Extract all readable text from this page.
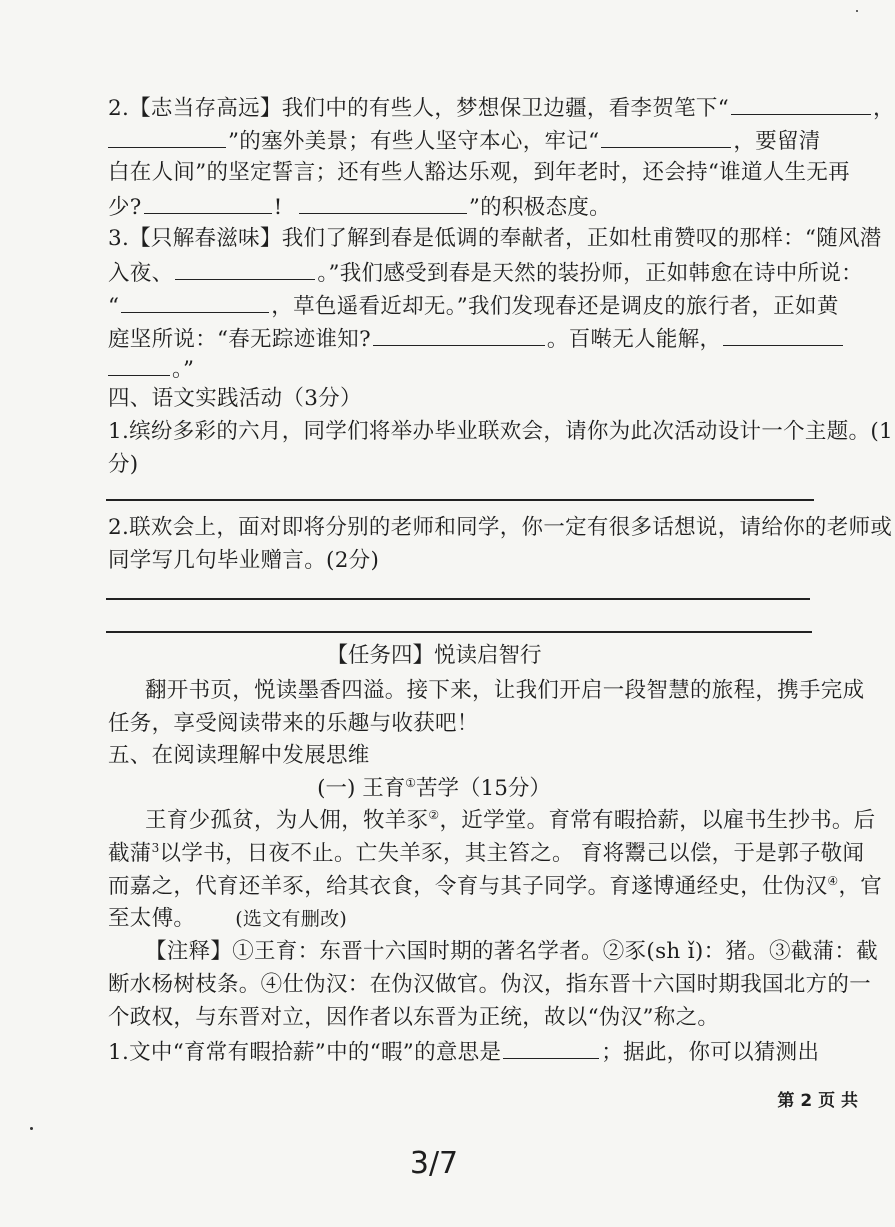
2.【志当存高远】我们中的有些人，梦想保卫边疆，看李贺笔下“	，
”的塞外美景；有些人坚守本心，牢记“	，要留清
白在人间”的坚定誓言；还有些人豁达乐观，到年老时，还会持“谁道人生无再
少?	!	”的积极态度。
3.【只解春滋味】我们了解到春是低调的奉献者，正如杜甫赞叹的那样：“随风潜
入夜、	。”我们感受到春是天然的装扮师，正如韩愈在诗中所说：
“	，草色遥看近却无。”我们发现春还是调皮的旅行者，正如黄
庭坚所说：“春无踪迹谁知?	。百啭无人能解，
。”
四、语文实践活动（3分）
1.缤纷多彩的六月，同学们将举办毕业联欢会，请你为此次活动设计一个主题。(1
分)
2.联欢会上，面对即将分别的老师和同学，你一定有很多话想说，请给你的老师或
同学写几句毕业赠言。(2分)
【任务四】悦读启智行
翻开书页，悦读墨香四溢。接下来，让我们开启一段智慧的旅程，携手完成
任务，享受阅读带来的乐趣与收获吧！
五、在阅读理解中发展思维
(一) 王育①苦学（15分）
王育少孤贫，为人佣，牧羊豕②，近学堂。育常有暇拾薪，以雇书生抄书。后
截蒲$^3$以学书，日夜不止。亡失羊豕，其主笞之。 育将鬻己以偿，于是郭子敬闻
而嘉之，代育还羊豕，给其衣食，令育与其子同学。育遂博通经史，仕伪汉④，官
至太傅。 (选文有删改)
【注释】①王育：东晋十六国时期的著名学者。②豕(sh ǐ)：猪。③截蒲：截
断水杨树枝条。④仕伪汉：在伪汉做官。伪汉，指东晋十六国时期我国北方的一
个政权，与东晋对立，因作者以东晋为正统，故以“伪汉”称之。
1.文中“育常有暇拾薪”中的“暇”的意思是	；据此，你可以猜测出
第 2 页 共
3/7
